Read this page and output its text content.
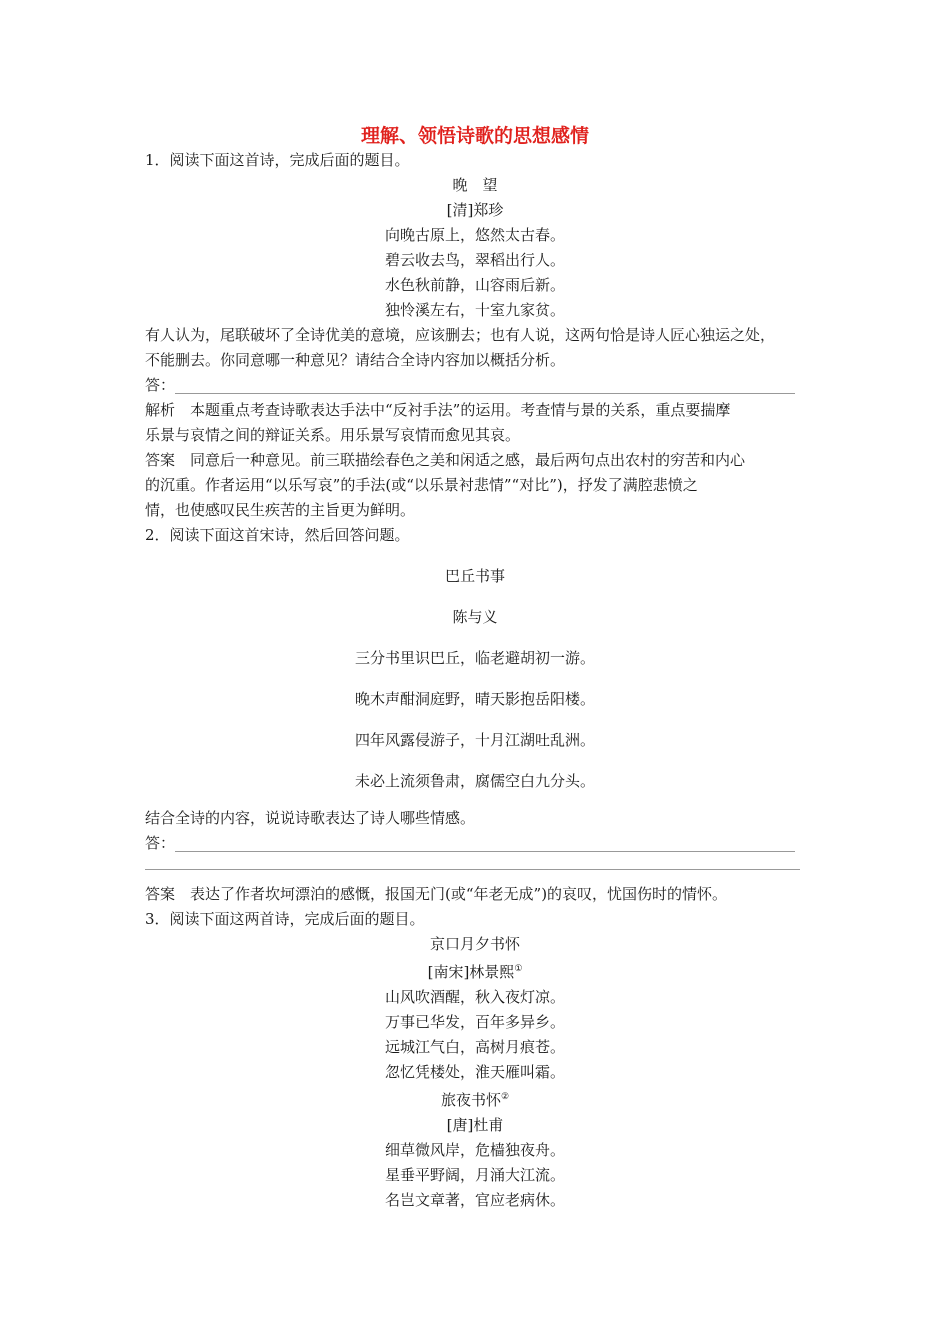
理解、领悟诗歌的思想感情

1．阅读下面这首诗，完成后面的题目。

晚　望

[清]郑珍

向晚古原上，悠然太古春。

碧云收去鸟，翠稻出行人。

水色秋前静，山容雨后新。

独怜溪左右，十室九家贫。

有人认为，尾联破坏了全诗优美的意境，应该删去；也有人说，这两句恰是诗人匠心独运之处，

不能删去。你同意哪一种意见？请结合全诗内容加以概括分析。

答：

解析　本题重点考查诗歌表达手法中“反衬手法”的运用。考查情与景的关系，重点要揣摩

乐景与哀情之间的辩证关系。用乐景写哀情而愈见其哀。

答案　同意后一种意见。前三联描绘春色之美和闲适之感，最后两句点出农村的穷苦和内心

的沉重。作者运用“以乐写哀”的手法(或“以乐景衬悲情”“对比”)，抒发了满腔悲愤之

情，也使感叹民生疾苦的主旨更为鲜明。

2．阅读下面这首宋诗，然后回答问题。

巴丘书事

陈与义

三分书里识巴丘，临老避胡初一游。

晚木声酣洞庭野，晴天影抱岳阳楼。

四年风露侵游子，十月江湖吐乱洲。

未必上流须鲁肃，腐儒空白九分头。

结合全诗的内容，说说诗歌表达了诗人哪些情感。

答：

答案　表达了作者坎坷漂泊的感慨，报国无门(或“年老无成”)的哀叹，忧国伤时的情怀。

3．阅读下面这两首诗，完成后面的题目。

京口月夕书怀

[南宋]林景熙①

山风吹酒醒，秋入夜灯凉。

万事已华发，百年多异乡。

远城江气白，高树月痕苍。

忽忆凭楼处，淮天雁叫霜。

旅夜书怀②

[唐]杜甫

细草微风岸，危樯独夜舟。

星垂平野阔，月涌大江流。

名岂文章著，官应老病休。
